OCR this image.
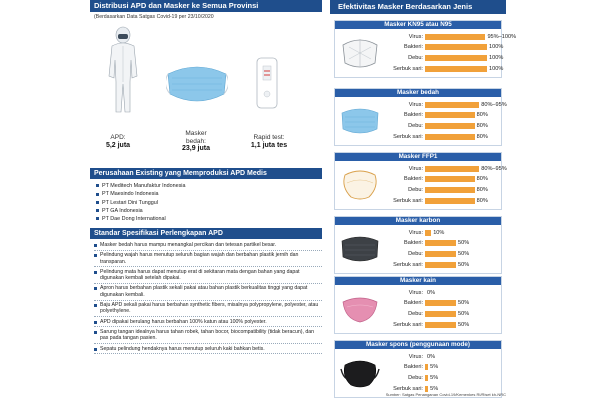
Distribusi APD dan Masker ke Semua Provinsi
(Berdasarkan Data Satgas Covid-19 per 23/10/2020
APD:
5,2 juta
Masker
bedah:
23,9 juta
Rapid test:
1,1 juta tes
Perusahaan Existing yang Memproduksi APD Medis
PT Meditech Manufaktur Indonesia
PT Maesindo Indonesia
PT Lestari Dini Tunggul
PT GA Indonesia
PT Dae Dong International
Standar Spesifikasi Perlengkapan APD
Masker bedah harus mampu menangkal percikan dan tetesan partikel besar.
Pelindung wajah harus menutup seluruh bagian wajah dan berbahan plastik jernih dan transparan.
Pelindung mata harus dapat menutup erat di sekitaran mata dengan bahan yang dapat digunakan kembali setelah dipakai.
Apron harus berbahan plastik sekali pakai atau bahan plastik berkualitas tinggi yang dapat digunakan kembali.
Baju APD sekali pakai harus berbahan synthetic fibers, misalnya polypropylene, polyester, atau polyethylene.
APD dipakai berulang harus berbahan 100% katun atau 100% polyester.
Sarung tangan idealnya harus tahan robek, tahan bocor, biocompatibility (tidak beracun), dan pas pada tangan pasien.
Sepatu pelindung hendaknya harus menutup seluruh kaki bahkan betis.
Efektivitas Masker Berdasarkan Jenis
Masker KN95 atau N95
Virus:	95%–100%
Bakteri:	100%
Debu:	100%
Serbuk sari:	100%
Masker bedah
Virus:	80%–95%
Bakteri:	80%
Debu:	80%
Serbuk sari:	80%
Masker FFP1
Virus:	80%–95%
Bakteri:	80%
Debu:	80%
Serbuk sari:	80%
Masker karbon
Virus: 10%
Bakteri:	50%
Debu:	50%
Serbuk sari:	50%
Masker kain
Virus: 0%
Bakteri:	50%
Debu:	50%
Serbuk sari:	50%
Masker spons (penggunaan mode)
Virus: 0%
Bakteri: 5%
Debu: 5%
Serbuk sari: 5%
Sumber: Satgas Penanganan Covid-19/Kemenkes RI/Riset kh-NRC
